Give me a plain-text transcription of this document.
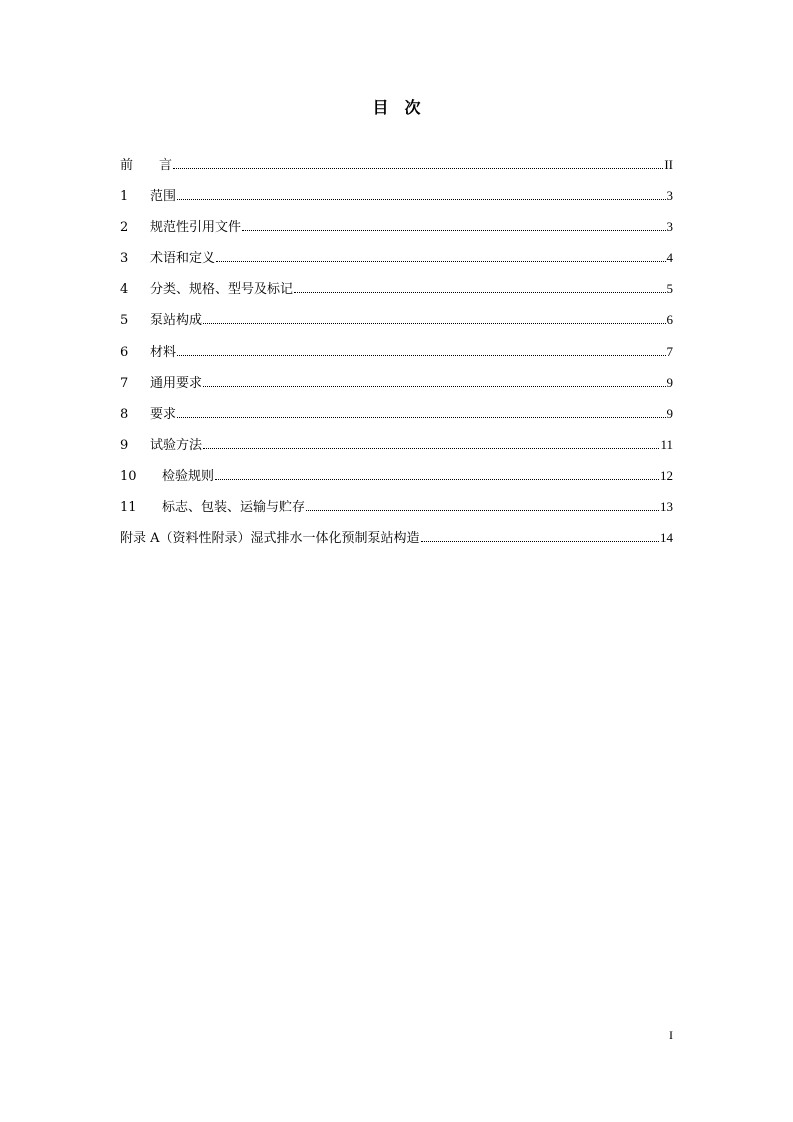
目　次
前　　言	II
1	范围	3
2	规范性引用文件	3
3	术语和定义	4
4	分类、规格、型号及标记	5
5	泵站构成	6
6	材料	7
7	通用要求	9
8	要求	9
9	试验方法	11
10	检验规则	12
11	标志、包装、运输与贮存	13
附录 A（资料性附录）湿式排水一体化预制泵站构造	14
I
